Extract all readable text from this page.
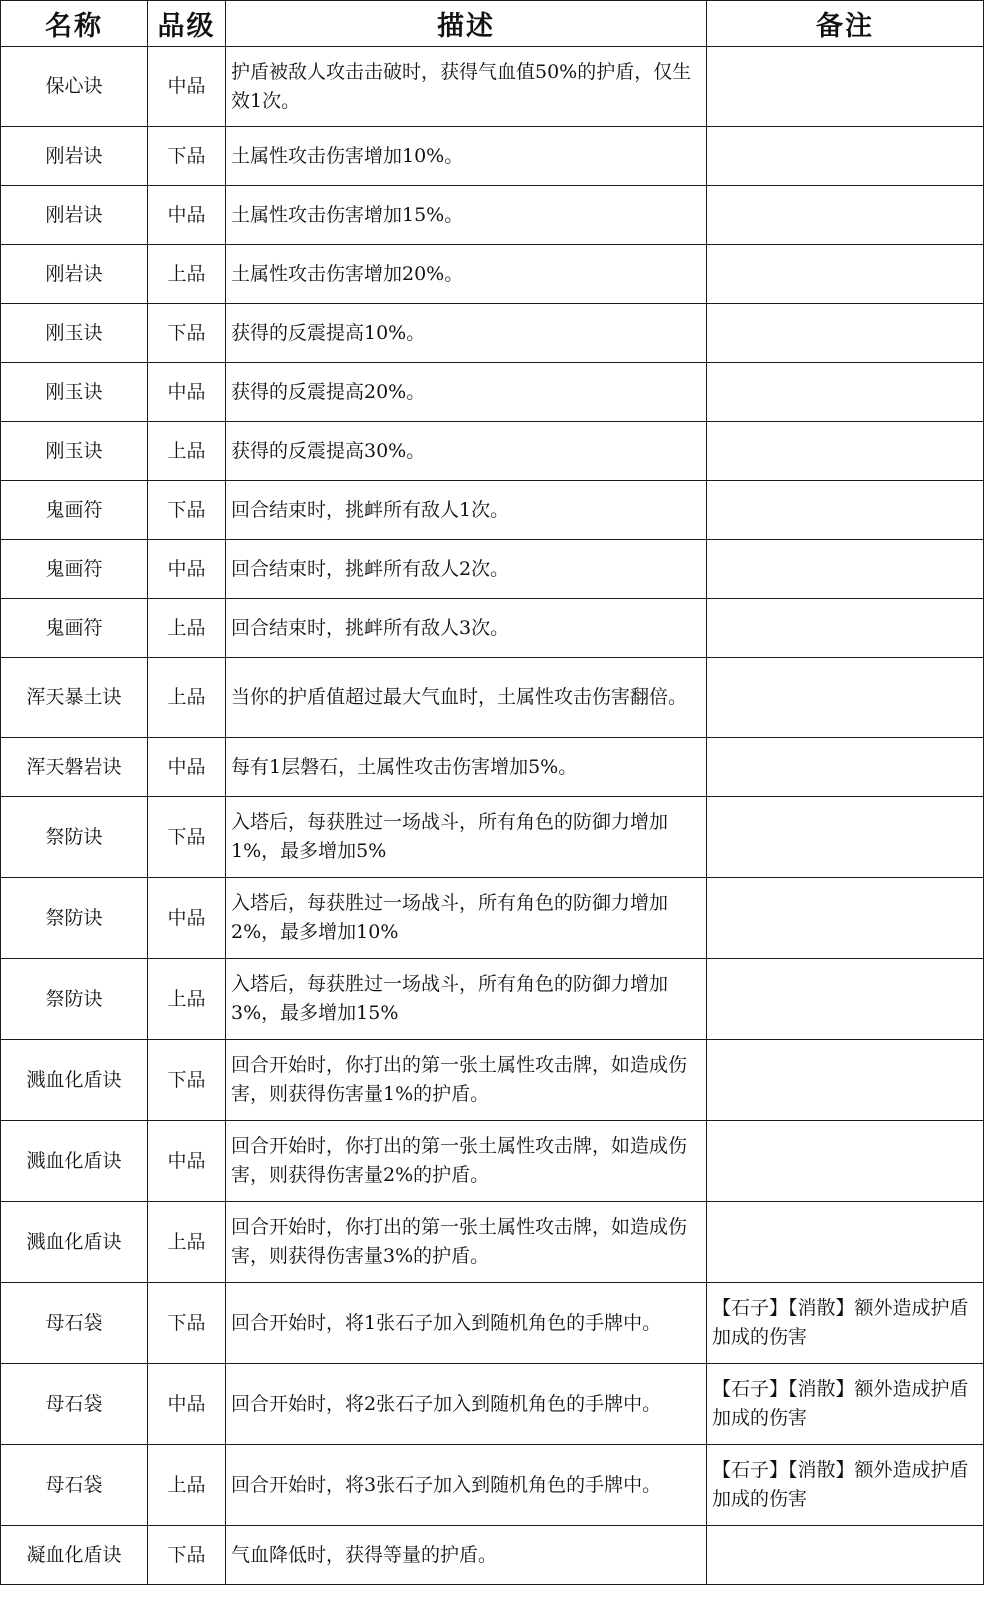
名称	品级	描述	备注
保心诀	中品	护盾被敌人攻击击破时，获得气血值50%的护盾，仅生效1次。	
刚岩诀	下品	土属性攻击伤害增加10%。	
刚岩诀	中品	土属性攻击伤害增加15%。	
刚岩诀	上品	土属性攻击伤害增加20%。	
刚玉诀	下品	获得的反震提高10%。	
刚玉诀	中品	获得的反震提高20%。	
刚玉诀	上品	获得的反震提高30%。	
鬼画符	下品	回合结束时，挑衅所有敌人1次。	
鬼画符	中品	回合结束时，挑衅所有敌人2次。	
鬼画符	上品	回合结束时，挑衅所有敌人3次。	
浑天暴土诀	上品	当你的护盾值超过最大气血时，土属性攻击伤害翻倍。	
浑天磐岩诀	中品	每有1层磐石，土属性攻击伤害增加5%。	
祭防诀	下品	入塔后，每获胜过一场战斗，所有角色的防御力增加1%，最多增加5%	
祭防诀	中品	入塔后，每获胜过一场战斗，所有角色的防御力增加2%，最多增加10%	
祭防诀	上品	入塔后，每获胜过一场战斗，所有角色的防御力增加3%，最多增加15%	
溅血化盾诀	下品	回合开始时，你打出的第一张土属性攻击牌，如造成伤害，则获得伤害量1%的护盾。	
溅血化盾诀	中品	回合开始时，你打出的第一张土属性攻击牌，如造成伤害，则获得伤害量2%的护盾。	
溅血化盾诀	上品	回合开始时，你打出的第一张土属性攻击牌，如造成伤害，则获得伤害量3%的护盾。	
母石袋	下品	回合开始时，将1张石子加入到随机角色的手牌中。	【石子】【消散】额外造成护盾加成的伤害
母石袋	中品	回合开始时，将2张石子加入到随机角色的手牌中。	【石子】【消散】额外造成护盾加成的伤害
母石袋	上品	回合开始时，将3张石子加入到随机角色的手牌中。	【石子】【消散】额外造成护盾加成的伤害
凝血化盾诀	下品	气血降低时，获得等量的护盾。	
